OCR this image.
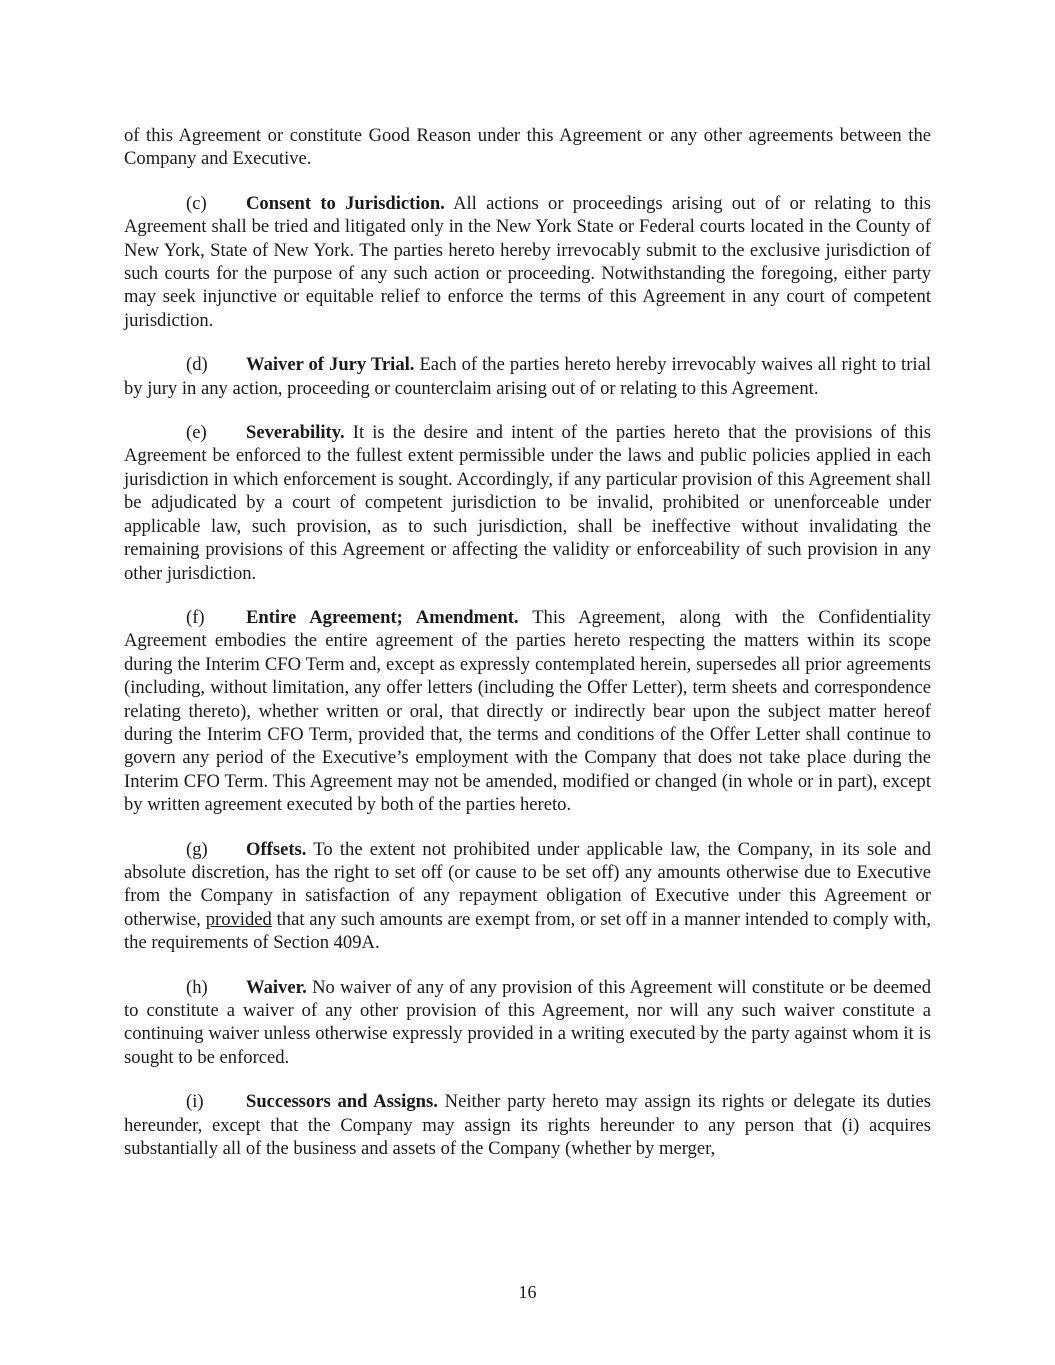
of this Agreement or constitute Good Reason under this Agreement or any other agreements between the Company and Executive.

(c) Consent to Jurisdiction. All actions or proceedings arising out of or relating to this Agreement shall be tried and litigated only in the New York State or Federal courts located in the County of New York, State of New York. The parties hereto hereby irrevocably submit to the exclusive jurisdiction of such courts for the purpose of any such action or proceeding. Notwithstanding the foregoing, either party may seek injunctive or equitable relief to enforce the terms of this Agreement in any court of competent jurisdiction.

(d) Waiver of Jury Trial. Each of the parties hereto hereby irrevocably waives all right to trial by jury in any action, proceeding or counterclaim arising out of or relating to this Agreement.

(e) Severability. It is the desire and intent of the parties hereto that the provisions of this Agreement be enforced to the fullest extent permissible under the laws and public policies applied in each jurisdiction in which enforcement is sought. Accordingly, if any particular provision of this Agreement shall be adjudicated by a court of competent jurisdiction to be invalid, prohibited or unenforceable under applicable law, such provision, as to such jurisdiction, shall be ineffective without invalidating the remaining provisions of this Agreement or affecting the validity or enforceability of such provision in any other jurisdiction.

(f) Entire Agreement; Amendment. This Agreement, along with the Confidentiality Agreement embodies the entire agreement of the parties hereto respecting the matters within its scope during the Interim CFO Term and, except as expressly contemplated herein, supersedes all prior agreements (including, without limitation, any offer letters (including the Offer Letter), term sheets and correspondence relating thereto), whether written or oral, that directly or indirectly bear upon the subject matter hereof during the Interim CFO Term, provided that, the terms and conditions of the Offer Letter shall continue to govern any period of the Executive’s employment with the Company that does not take place during the Interim CFO Term. This Agreement may not be amended, modified or changed (in whole or in part), except by written agreement executed by both of the parties hereto.

(g) Offsets. To the extent not prohibited under applicable law, the Company, in its sole and absolute discretion, has the right to set off (or cause to be set off) any amounts otherwise due to Executive from the Company in satisfaction of any repayment obligation of Executive under this Agreement or otherwise, provided that any such amounts are exempt from, or set off in a manner intended to comply with, the requirements of Section 409A.

(h) Waiver. No waiver of any of any provision of this Agreement will constitute or be deemed to constitute a waiver of any other provision of this Agreement, nor will any such waiver constitute a continuing waiver unless otherwise expressly provided in a writing executed by the party against whom it is sought to be enforced.

(i) Successors and Assigns. Neither party hereto may assign its rights or delegate its duties hereunder, except that the Company may assign its rights hereunder to any person that (i) acquires substantially all of the business and assets of the Company (whether by merger,

16
